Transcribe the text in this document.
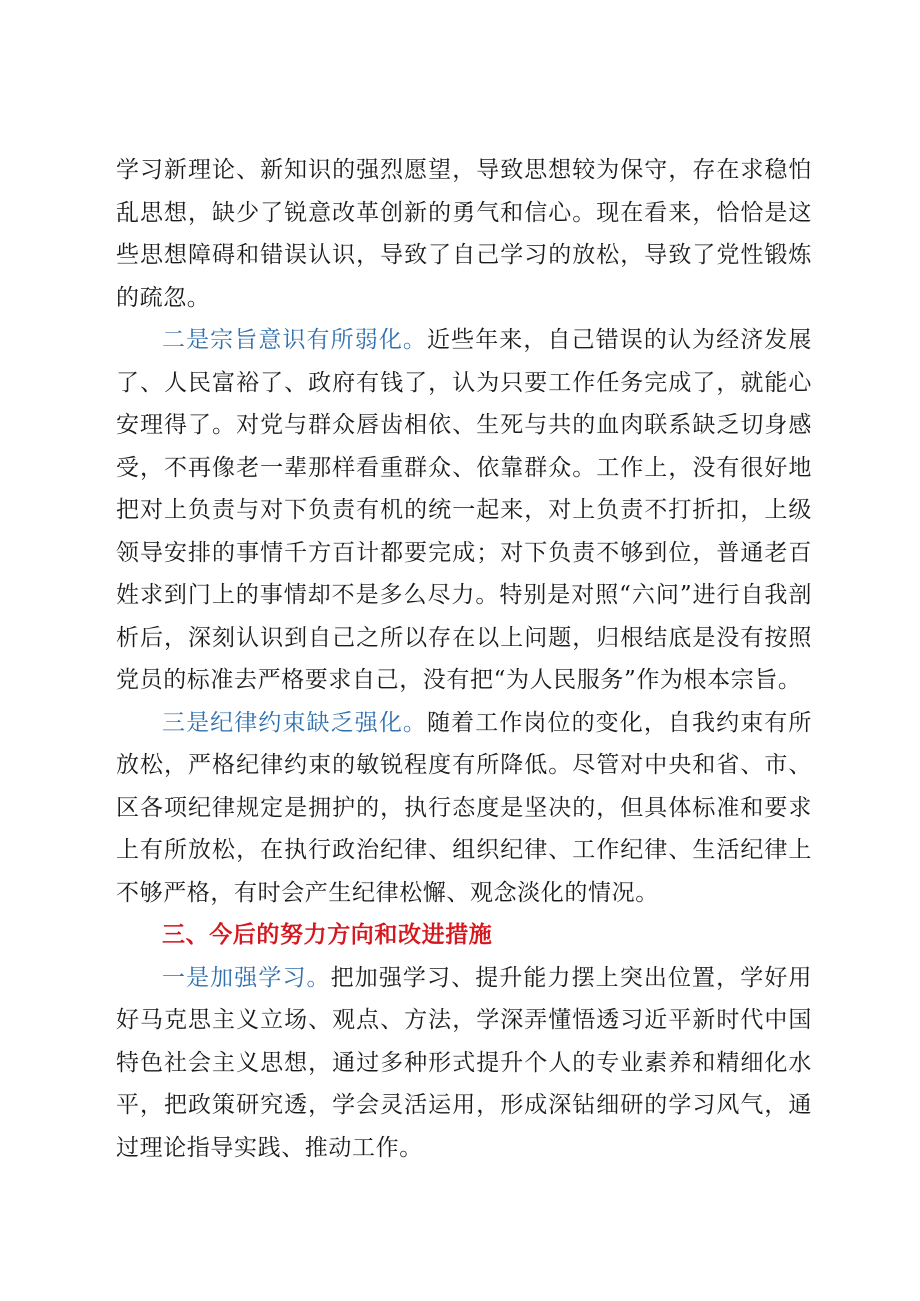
学习新理论、新知识的强烈愿望，导致思想较为保守，存在求稳怕乱思想，缺少了锐意改革创新的勇气和信心。现在看来，恰恰是这些思想障碍和错误认识，导致了自己学习的放松，导致了党性锻炼的疏忽。

二是宗旨意识有所弱化。近些年来，自己错误的认为经济发展了、人民富裕了、政府有钱了，认为只要工作任务完成了，就能心安理得了。对党与群众唇齿相依、生死与共的血肉联系缺乏切身感受，不再像老一辈那样看重群众、依靠群众。工作上，没有很好地把对上负责与对下负责有机的统一起来，对上负责不打折扣，上级领导安排的事情千方百计都要完成；对下负责不够到位，普通老百姓求到门上的事情却不是多么尽力。特别是对照“六问”进行自我剖析后，深刻认识到自己之所以存在以上问题，归根结底是没有按照党员的标准去严格要求自己，没有把“为人民服务”作为根本宗旨。

三是纪律约束缺乏强化。随着工作岗位的变化，自我约束有所放松，严格纪律约束的敏锐程度有所降低。尽管对中央和省、市、区各项纪律规定是拥护的，执行态度是坚决的，但具体标准和要求上有所放松，在执行政治纪律、组织纪律、工作纪律、生活纪律上不够严格，有时会产生纪律松懈、观念淡化的情况。

三、今后的努力方向和改进措施

一是加强学习。把加强学习、提升能力摆上突出位置，学好用好马克思主义立场、观点、方法，学深弄懂悟透习近平新时代中国特色社会主义思想，通过多种形式提升个人的专业素养和精细化水平，把政策研究透，学会灵活运用，形成深钻细研的学习风气，通过理论指导实践、推动工作。
